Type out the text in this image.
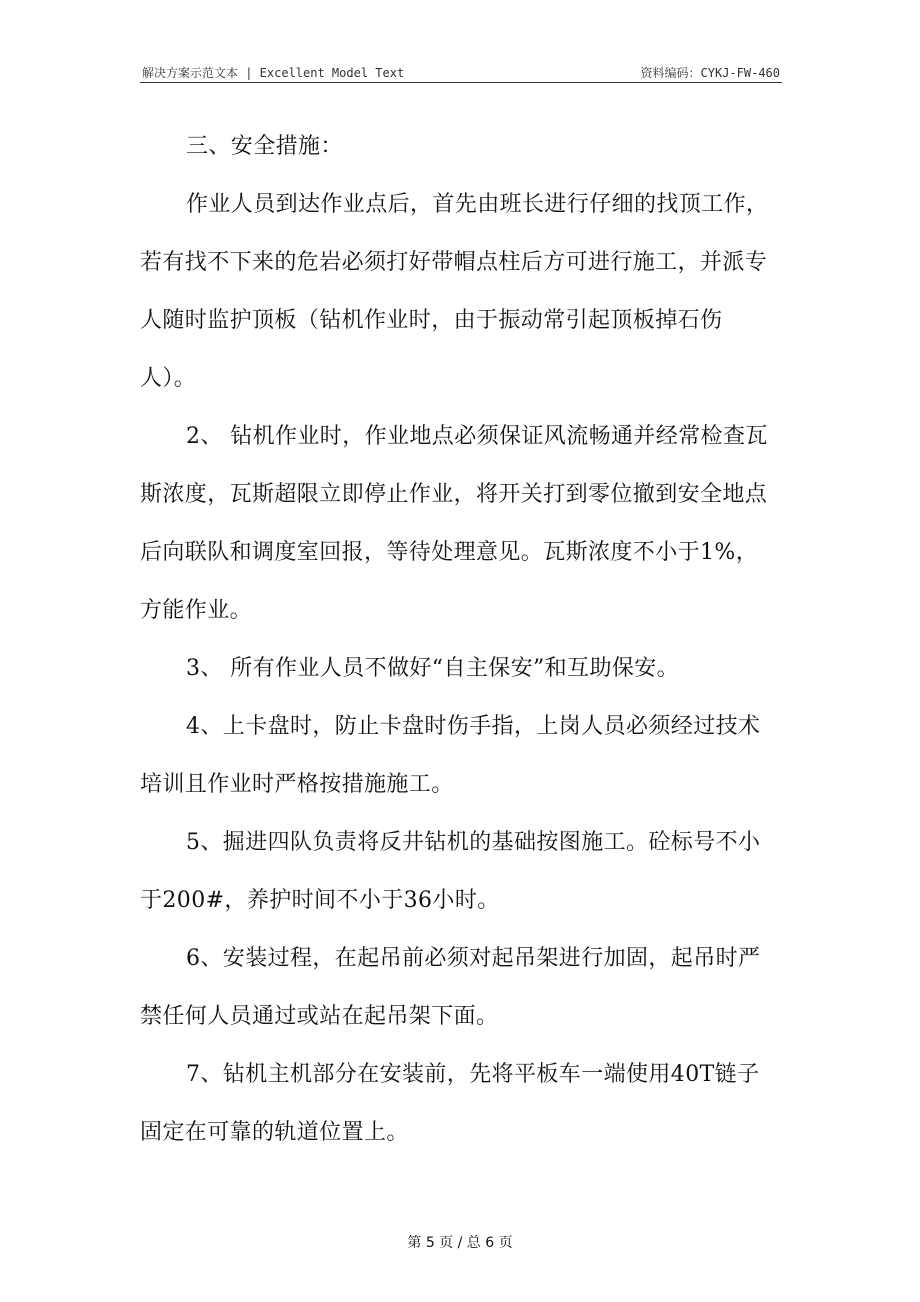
解决方案示范文本 | Excellent Model Text	资料编码：CYKJ-FW-460

三、安全措施：

作业人员到达作业点后，首先由班长进行仔细的找顶工作，若有找不下来的危岩必须打好带帽点柱后方可进行施工，并派专人随时监护顶板（钻机作业时，由于振动常引起顶板掉石伤人）。

2、 钻机作业时，作业地点必须保证风流畅通并经常检查瓦斯浓度，瓦斯超限立即停止作业，将开关打到零位撤到安全地点后向联队和调度室回报，等待处理意见。瓦斯浓度不小于1%，方能作业。

3、 所有作业人员不做好“自主保安”和互助保安。

4、上卡盘时，防止卡盘时伤手指，上岗人员必须经过技术培训且作业时严格按措施施工。

5、掘进四队负责将反井钻机的基础按图施工。砼标号不小于200#，养护时间不小于36小时。

6、安装过程，在起吊前必须对起吊架进行加固，起吊时严禁任何人员通过或站在起吊架下面。

7、钻机主机部分在安装前，先将平板车一端使用40T链子固定在可靠的轨道位置上。

第 5 页 / 总 6 页
